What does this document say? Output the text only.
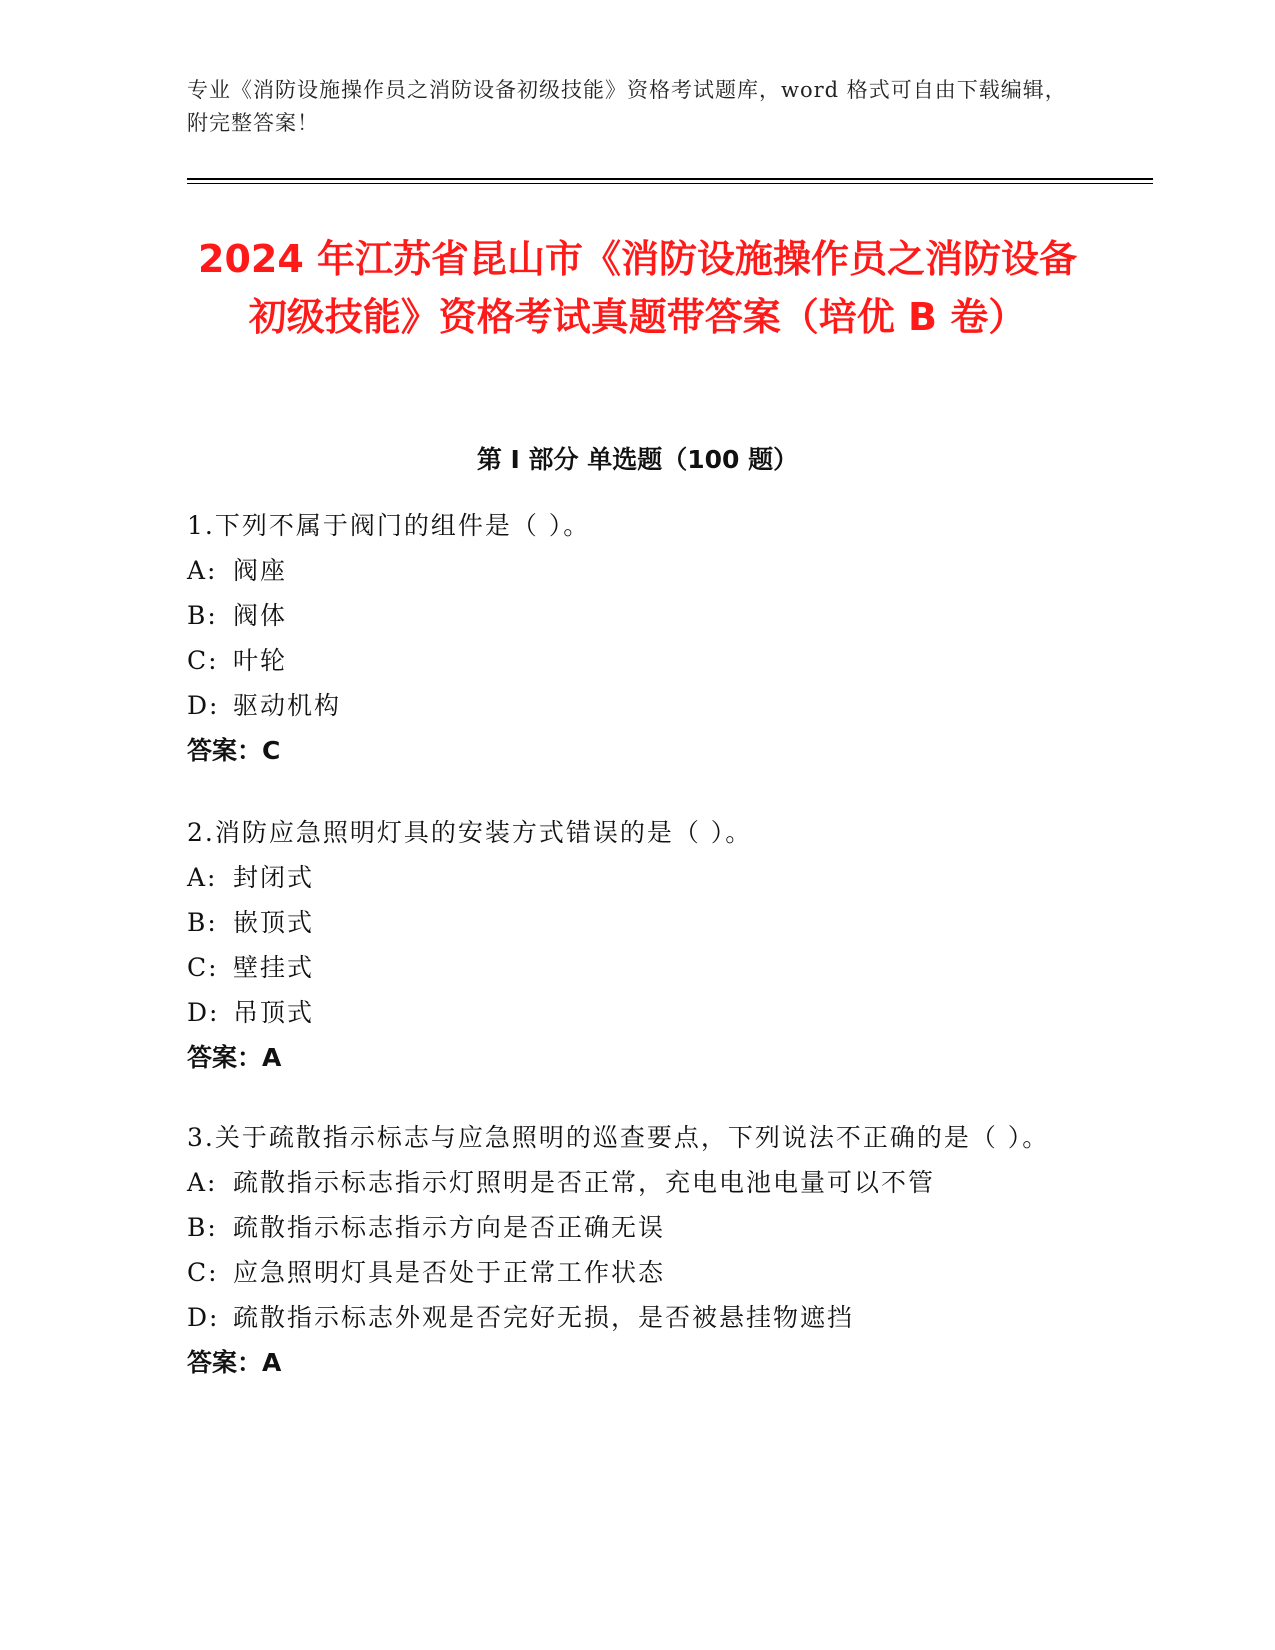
专业《消防设施操作员之消防设备初级技能》资格考试题库，word 格式可自由下载编辑，附完整答案！
2024 年江苏省昆山市《消防设施操作员之消防设备初级技能》资格考试真题带答案（培优 B 卷）
第 I 部分 单选题（100 题）
1.下列不属于阀门的组件是（ ）。
A: 阀座
B: 阀体
C: 叶轮
D: 驱动机构
答案：C
2.消防应急照明灯具的安装方式错误的是（ ）。
A: 封闭式
B: 嵌顶式
C: 壁挂式
D: 吊顶式
答案：A
3.关于疏散指示标志与应急照明的巡查要点，下列说法不正确的是（ ）。
A: 疏散指示标志指示灯照明是否正常，充电电池电量可以不管
B: 疏散指示标志指示方向是否正确无误
C: 应急照明灯具是否处于正常工作状态
D: 疏散指示标志外观是否完好无损，是否被悬挂物遮挡
答案：A
